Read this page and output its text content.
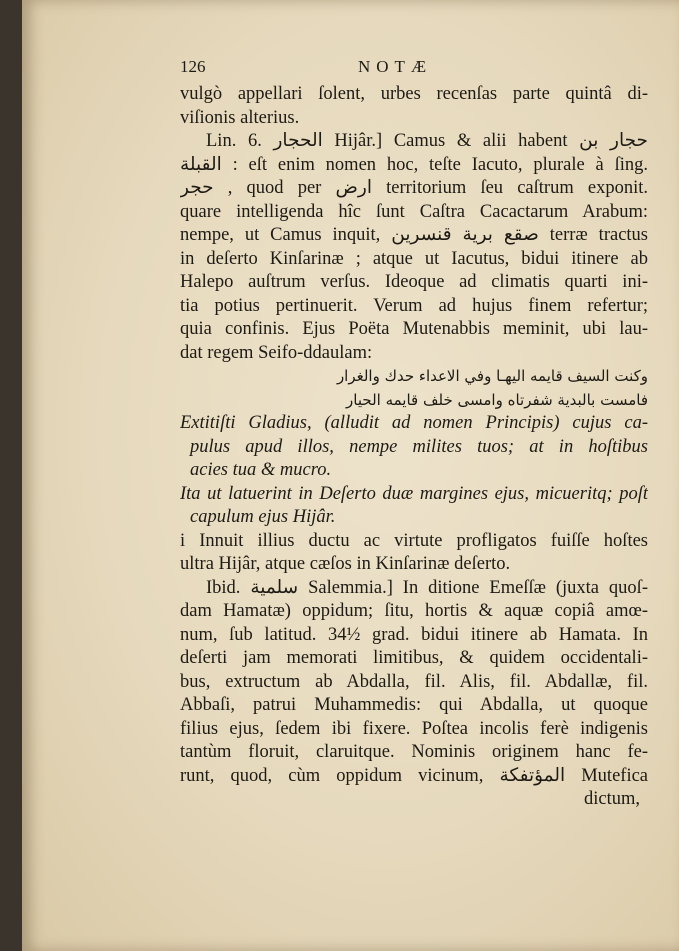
126	NOTÆ
vulgò appellari ſolent, urbes recenſas parte quintâ di-
viſionis alterius.
Lin. 6. الحجار Hijâr.] Camus & alii habent حجار بن
القبلة : eſt enim nomen hoc, teſte Iacuto, plurale à ſing.
حجر , quod per ارض territorium ſeu caſtrum exponit.
quare intelligenda hîc ſunt Caſtra Cacactarum Arabum:
nempe, ut Camus inquit, صقع برية قنسرين terræ tractus
in deſerto Kinſarinæ ; atque ut Iacutus, bidui itinere ab
Halepo auſtrum verſus. Ideoque ad climatis quarti ini-
tia potius pertinuerit. Verum ad hujus finem refertur;
quia confinis. Ejus Poëta Mutenabbis meminit, ubi lau-
dat regem Seifo-ddaulam:
وكنت السيف قايمه اليهـا وفي الاعداء حدك والغرار
فامست بالبدية شفرتاه وامسى خلف قايمه الحيار
Extitiſti Gladius, (alludit ad nomen Principis) cujus ca-
pulus apud illos, nempe milites tuos; at in hoſtibus
acies tua & mucro.
Ita ut latuerint in Deſerto duæ margines ejus, micueritq; poſt
capulum ejus Hijâr.
i Innuit illius ductu ac virtute profligatos fuiſſe hoſtes
ultra Hijâr, atque cæſos in Kinſarinæ deſerto.
Ibid. سلمية Salemmia.] In ditione Emeſſæ (juxta quoſ-
dam Hamatæ) oppidum; ſitu, hortis & aquæ copiâ amœ-
num, ſub latitud. 34½ grad. bidui itinere ab Hamata. In
deſerti jam memorati limitibus, & quidem occidentali-
bus, extructum ab Abdalla, fil. Alis, fil. Abdallæ, fil.
Abbaſi, patrui Muhammedis: qui Abdalla, ut quoque
filius ejus, ſedem ibi fixere. Poſtea incolis ferè indigenis
tantùm floruit, claruitque. Nominis originem hanc fe-
runt, quod, cùm oppidum vicinum, المؤتفكة Mutefica
dictum,
